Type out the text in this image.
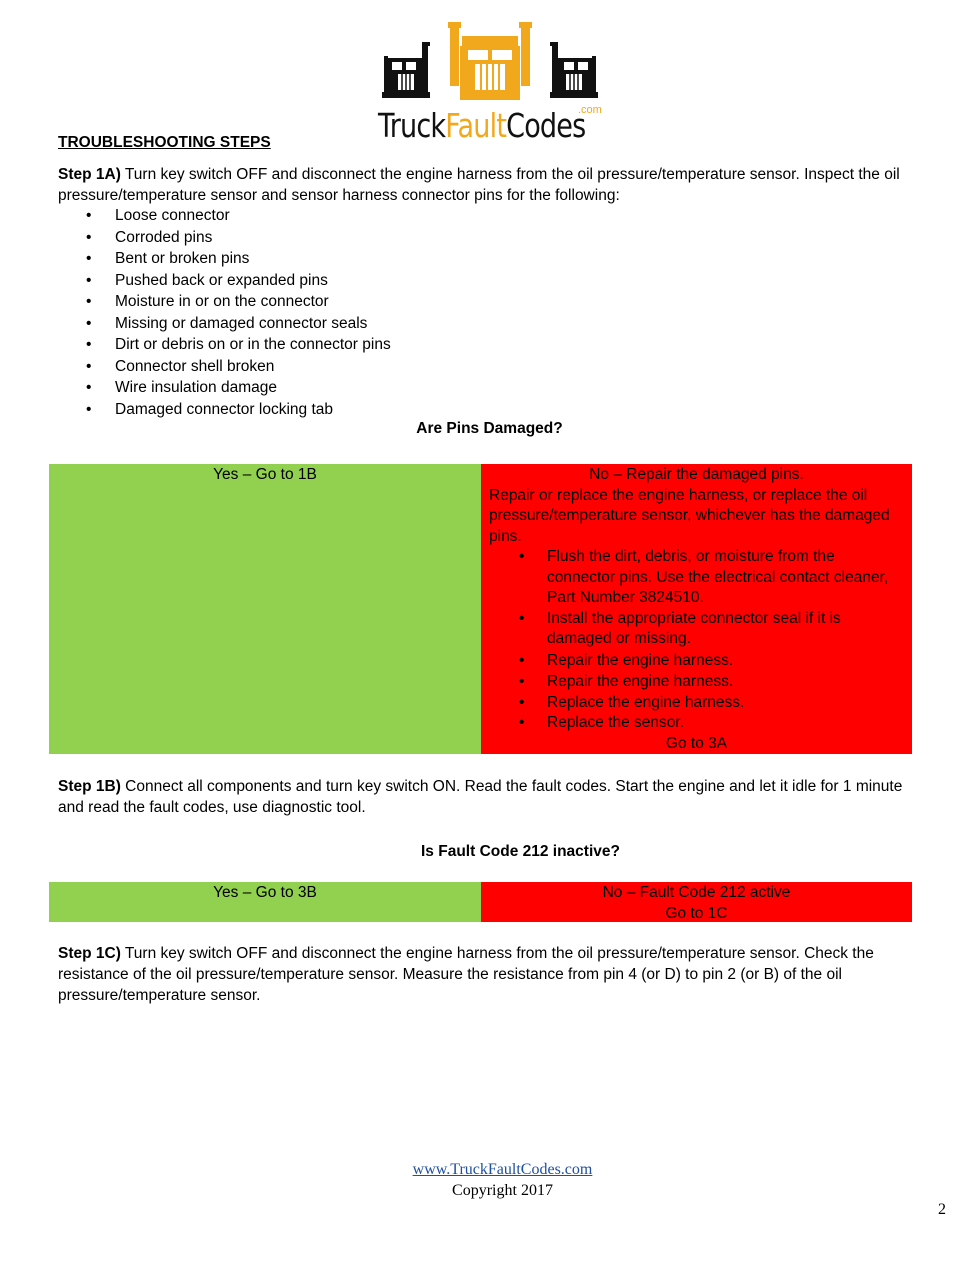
TruckFaultCodes
.com
TROUBLESHOOTING STEPS
Step 1A) Turn key switch OFF and disconnect the engine harness from the oil pressure/temperature sensor. Inspect the oil pressure/temperature sensor and sensor harness connector pins for the following:
• Loose connector
• Corroded pins
• Bent or broken pins
• Pushed back or expanded pins
• Moisture in or on the connector
• Missing or damaged connector seals
• Dirt or debris on or in the connector pins
• Connector shell broken
• Wire insulation damage
• Damaged connector locking tab
Are Pins Damaged?
Yes – Go to 1B	No – Repair the damaged pins.
Repair or replace the engine harness, or replace the oil pressure/temperature sensor, whichever has the damaged pins.
• Flush the dirt, debris, or moisture from the connector pins. Use the electrical contact cleaner, Part Number 3824510.
• Install the appropriate connector seal if it is damaged or missing.
• Repair the engine harness.
• Repair the engine harness.
• Replace the engine harness.
• Replace the sensor.
Go to 3A
Step 1B) Connect all components and turn key switch ON. Read the fault codes. Start the engine and let it idle for 1 minute and read the fault codes, use diagnostic tool.
Is Fault Code 212 inactive?
Yes – Go to 3B	No – Fault Code 212 active
Go to 1C
Step 1C) Turn key switch OFF and disconnect the engine harness from the oil pressure/temperature sensor. Check the resistance of the oil pressure/temperature sensor. Measure the resistance from pin 4 (or D) to pin 2 (or B) of the oil pressure/temperature sensor.
www.TruckFaultCodes.com
Copyright 2017
2
